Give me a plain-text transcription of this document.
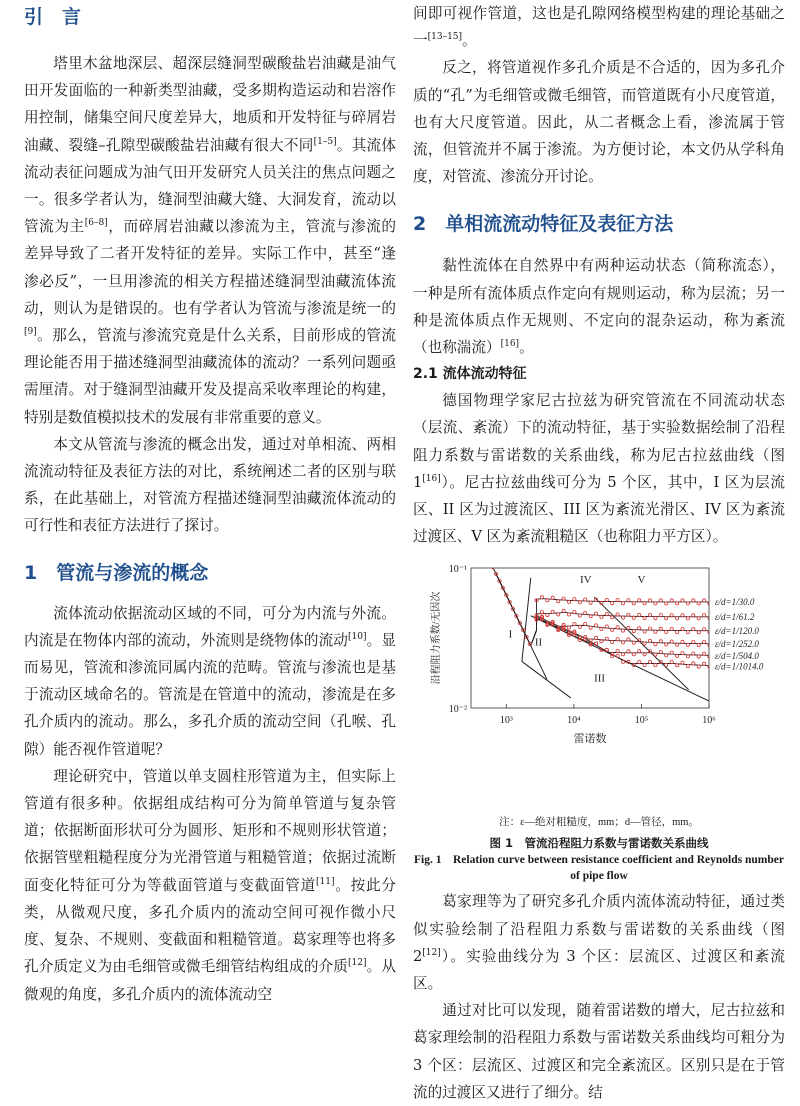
引　言

塔里木盆地深层、超深层缝洞型碳酸盐岩油藏是油气田开发面临的一种新类型油藏，受多期构造运动和岩溶作用控制，储集空间尺度差异大，地质和开发特征与碎屑岩油藏、裂缝–孔隙型碳酸盐岩油藏有很大不同[1–5]。其流体流动表征问题成为油气田开发研究人员关注的焦点问题之一。很多学者认为，缝洞型油藏大缝、大洞发育，流动以管流为主[6–8]，而碎屑岩油藏以渗流为主，管流与渗流的差异导致了二者开发特征的差异。实际工作中，甚至“逢渗必反”，一旦用渗流的相关方程描述缝洞型油藏流体流动，则认为是错误的。也有学者认为管流与渗流是统一的[9]。那么，管流与渗流究竟是什么关系，目前形成的管流理论能否用于描述缝洞型油藏流体的流动？一系列问题亟需厘清。对于缝洞型油藏开发及提高采收率理论的构建，特别是数值模拟技术的发展有非常重要的意义。

本文从管流与渗流的概念出发，通过对单相流、两相流流动特征及表征方法的对比，系统阐述二者的区别与联系，在此基础上，对管流方程描述缝洞型油藏流体流动的可行性和表征方法进行了探讨。

1　管流与渗流的概念

流体流动依据流动区域的不同，可分为内流与外流。内流是在物体内部的流动，外流则是绕物体的流动[10]。显而易见，管流和渗流同属内流的范畴。管流与渗流也是基于流动区域命名的。管流是在管道中的流动，渗流是在多孔介质内的流动。那么，多孔介质的流动空间（孔喉、孔隙）能否视作管道呢？

理论研究中，管道以单支圆柱形管道为主，但实际上管道有很多种。依据组成结构可分为简单管道与复杂管道；依据断面形状可分为圆形、矩形和不规则形状管道；依据管壁粗糙程度分为光滑管道与粗糙管道；依据过流断面变化特征可分为等截面管道与变截面管道[11]。按此分类，从微观尺度，多孔介质内的流动空间可视作微小尺度、复杂、不规则、变截面和粗糙管道。葛家理等也将多孔介质定义为由毛细管或微毛细管结构组成的介质[12]。从微观的角度，多孔介质内的流体流动空

间即可视作管道，这也是孔隙网络模型构建的理论基础之一[13–15]。

反之，将管道视作多孔介质是不合适的，因为多孔介质的“孔”为毛细管或微毛细管，而管道既有小尺度管道，也有大尺度管道。因此，从二者概念上看，渗流属于管流，但管流并不属于渗流。为方便讨论，本文仍从学科角度，对管流、渗流分开讨论。

2　单相流流动特征及表征方法

黏性流体在自然界中有两种运动状态（简称流态），一种是所有流体质点作定向有规则运动，称为层流；另一种是流体质点作无规则、不定向的混杂运动，称为紊流（也称湍流）[16]。

2.1 流体流动特征

德国物理学家尼古拉兹为研究管流在不同流动状态（层流、紊流）下的流动特征，基于实验数据绘制了沿程阻力系数与雷诺数的关系曲线，称为尼古拉兹曲线（图 1[16]）。尼古拉兹曲线可分为 5 个区，其中，I 区为层流区、II 区为过渡流区、III 区为紊流光滑区、IV 区为紊流过渡区、V 区为紊流粗糙区（也称阻力平方区）。

10³	10⁴	10⁵	10⁶
10⁻¹
10⁻²
雷诺数
沿程阻力系数/无因次	ε/d=1/30.0
ε/d=1/61.2
ε/d=1/120.0
ε/d=1/252.0
ε/d=1/504.0
ε/d=1/1014.0
I
II
III
IV	V

注：ε—绝对粗糙度，mm；d—管径，mm。

图 1　管流沿程阻力系数与雷诺数关系曲线

Fig. 1　Relation curve between resistance coefficient and Reynolds number of pipe flow

葛家理等为了研究多孔介质内流体流动特征，通过类似实验绘制了沿程阻力系数与雷诺数的关系曲线（图 2[12]）。实验曲线分为 3 个区：层流区、过渡区和紊流区。

通过对比可以发现，随着雷诺数的增大，尼古拉兹和葛家理绘制的沿程阻力系数与雷诺数关系曲线均可粗分为 3 个区：层流区、过渡区和完全紊流区。区别只是在于管流的过渡区又进行了细分。结
